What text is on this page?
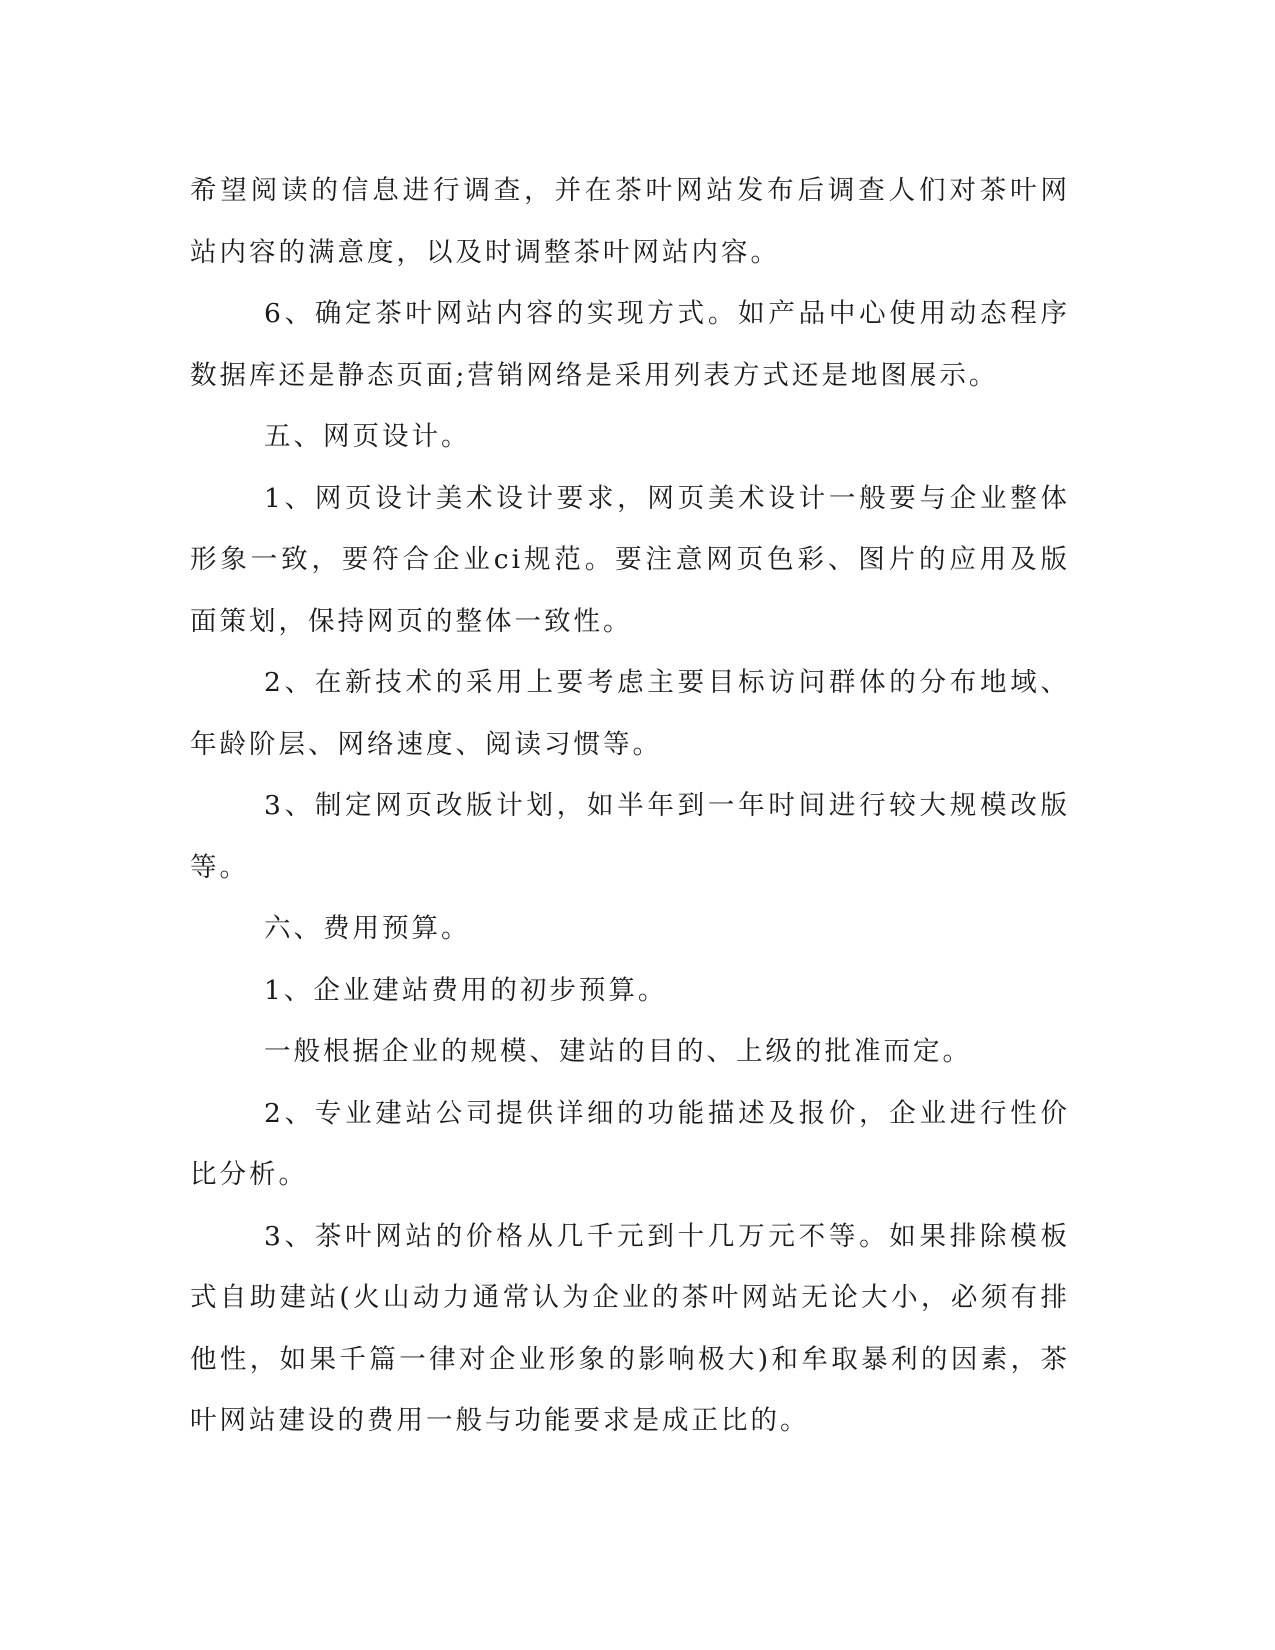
希望阅读的信息进行调查，并在茶叶网站发布后调查人们对茶叶网站内容的满意度，以及时调整茶叶网站内容。

6、确定茶叶网站内容的实现方式。如产品中心使用动态程序数据库还是静态页面;营销网络是采用列表方式还是地图展示。

五、网页设计。

1、网页设计美术设计要求，网页美术设计一般要与企业整体形象一致，要符合企业ci规范。要注意网页色彩、图片的应用及版面策划，保持网页的整体一致性。

2、在新技术的采用上要考虑主要目标访问群体的分布地域、年龄阶层、网络速度、阅读习惯等。

3、制定网页改版计划，如半年到一年时间进行较大规模改版等。

六、费用预算。

1、企业建站费用的初步预算。

一般根据企业的规模、建站的目的、上级的批准而定。

2、专业建站公司提供详细的功能描述及报价，企业进行性价比分析。

3、茶叶网站的价格从几千元到十几万元不等。如果排除模板式自助建站(火山动力通常认为企业的茶叶网站无论大小，必须有排他性，如果千篇一律对企业形象的影响极大)和牟取暴利的因素，茶叶网站建设的费用一般与功能要求是成正比的。
